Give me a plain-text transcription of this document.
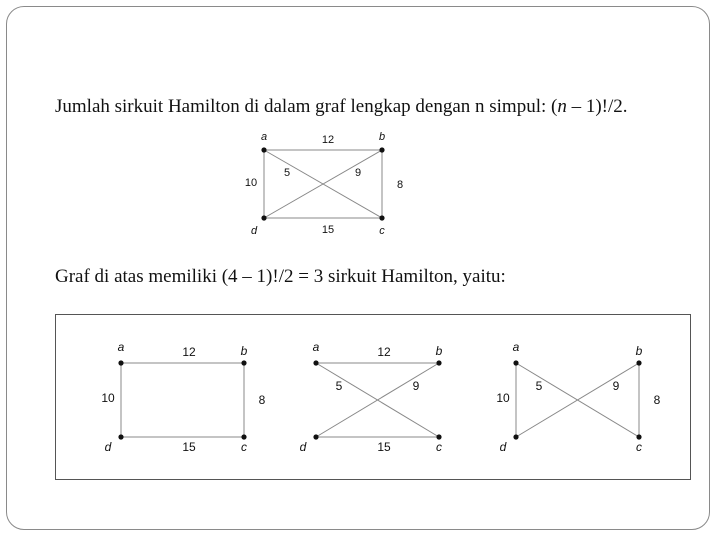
Jumlah sirkuit Hamilton di dalam graf lengkap dengan n simpul: (n – 1)!/2.
12
8
15
10
5	9
a	b
c
d
Graf di atas memiliki (4 – 1)!/2 = 3 sirkuit Hamilton, yaitu:
12
8
15
10
a	b
c
d
12
9
15
5
a	b
c
d
5
8
9
10
a	b
c
d
